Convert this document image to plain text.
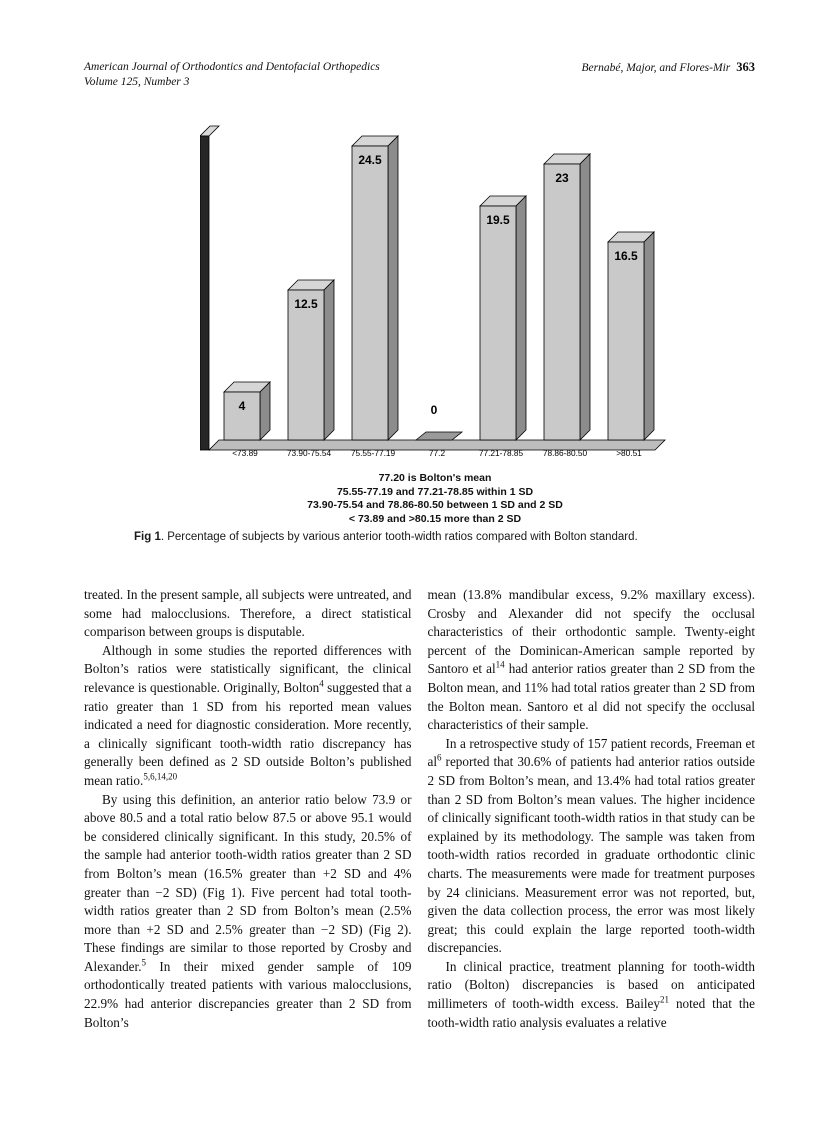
American Journal of Orthodontics and Dentofacial Orthopedics
Volume 125, Number 3
Bernabé, Major, and Flores-Mir 363
4
<73.89
12.5
73.90-75.54
24.5
75.55-77.19
0
77.2
19.5
77.21-78.85
23
78.86-80.50
16.5
>80.51
77.20 is Bolton's mean
75.55-77.19 and 77.21-78.85 within 1 SD
73.90-75.54 and 78.86-80.50 between 1 SD and 2 SD
< 73.89 and >80.15 more than 2 SD
Fig 1. Percentage of subjects by various anterior tooth-width ratios compared with Bolton standard.

treated. In the present sample, all subjects were untreated, and some had malocclusions. Therefore, a direct statistical comparison between groups is disputable.

Although in some studies the reported differences with Bolton’s ratios were statistically significant, the clinical relevance is questionable. Originally, Bolton$^4$ suggested that a ratio greater than 1 SD from his reported mean values indicated a need for diagnostic consideration. More recently, a clinically significant tooth-width ratio discrepancy has generally been defined as 2 SD outside Bolton’s published mean ratio.$^{5,6,14,20}$

By using this definition, an anterior ratio below 73.9 or above 80.5 and a total ratio below 87.5 or above 95.1 would be considered clinically significant. In this study, 20.5% of the sample had anterior tooth-width ratios greater than 2 SD from Bolton’s mean (16.5% greater than +2 SD and 4% greater than −2 SD) (Fig 1). Five percent had total tooth-width ratios greater than 2 SD from Bolton’s mean (2.5% more than +2 SD and 2.5% greater than −2 SD) (Fig 2). These findings are similar to those reported by Crosby and Alexander.$^5$ In their mixed gender sample of 109 orthodontically treated patients with various malocclusions, 22.9% had anterior discrepancies greater than 2 SD from Bolton’s

mean (13.8% mandibular excess, 9.2% maxillary excess). Crosby and Alexander did not specify the occlusal characteristics of their orthodontic sample. Twenty-eight percent of the Dominican-American sample reported by Santoro et $al^{14}$ had anterior ratios greater than 2 SD from the Bolton mean, and 11% had total ratios greater than 2 SD from the Bolton mean. Santoro et al did not specify the occlusal characteristics of their sample.

In a retrospective study of 157 patient records, Freeman et $al^6$ reported that 30.6% of patients had anterior ratios outside 2 SD from Bolton’s mean, and 13.4% had total ratios greater than 2 SD from Bolton’s mean values. The higher incidence of clinically significant tooth-width ratios in that study can be explained by its methodology. The sample was taken from tooth-width ratios recorded in graduate orthodontic clinic charts. The measurements were made for treatment purposes by 24 clinicians. Measurement error was not reported, but, given the data collection process, the error was most likely great; this could explain the large reported tooth-width discrepancies.

In clinical practice, treatment planning for tooth-width ratio (Bolton) discrepancies is based on anticipated millimeters of tooth-width excess. Bailey$^{21}$ noted that the tooth-width ratio analysis evaluates a relative
